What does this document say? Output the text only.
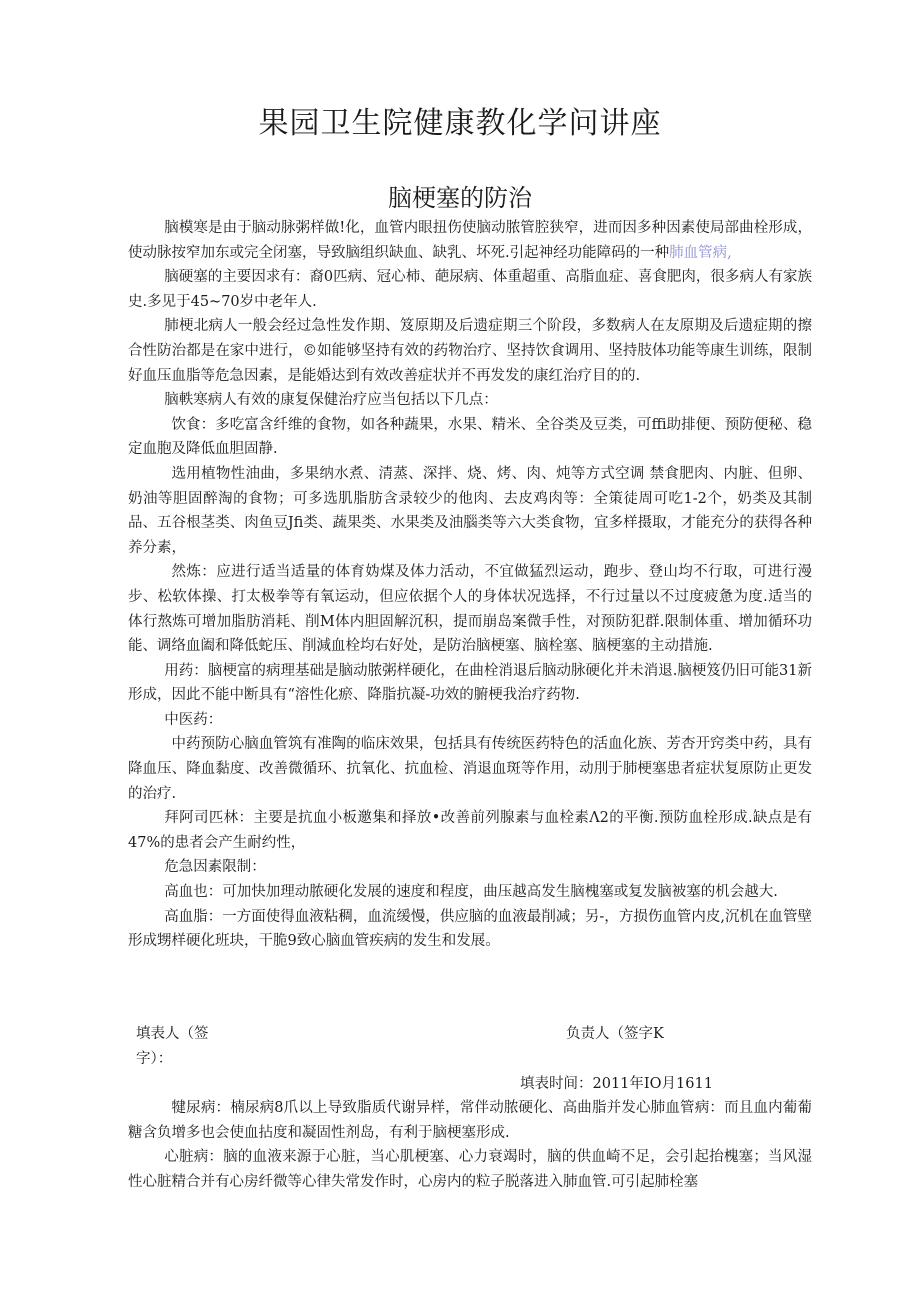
果园卫生院健康教化学问讲座
脑梗塞的防治

脑模寒是由于脑动脉粥样做!化，血管内眼扭伤使脑动脓管腔狭窄，进而因多种因素使局部曲栓形成，使动脉按窄加东或完全闭塞，导致脑组织缺血、缺乳、坏死.引起神经功能障码的一种肺血管病,

脑硬塞的主要因求有：裔0匹病、冠心柿、葩尿病、体重超重、高脂血症、喜食肥肉，很多病人有家族史.多见于45~70岁中老年人.

肺梗北病人一般会经过急性发作期、笈原期及后遗症期三个阶段，多数病人在友原期及后遗症期的擦合性防治都是在家中进行，©如能够坚持有效的药物治疗、坚持饮食调用、坚持肢体功能等康生训练，限制好血压血脂等危急因素，是能婚达到有效改善症状并不再发发的康红治疗目的的.

脑軼寒病人有效的康复保健治疗应当包括以下几点：

饮食：多吃富含纤维的食物，如各种蔬果，水果、精米、全谷类及豆类，可ffi助排便、预防便秘、稳定血胞及降低血胆固静.

选用植物性油曲，多果纳水煮、清蒸、深拌、烧、烤、肉、炖等方式空调 禁食肥肉、内脏、但卵、奶油等胆固醉淘的食物；可多选肌脂肪含录较少的他肉、去皮鸡肉等：全策徒周可吃1-2个，奶类及其制品、五谷根茎类、肉鱼豆Jfi类、蔬果类、水果类及油腦类等六大类食物，宜多样摄取，才能充分的获得各种养分素，

然炼：应进行适当适量的体育妫煤及体力活动，不宜做猛烈运动，跑步、登山均不行取，可进行漫步、松软体操、打太极拳等有氧运动，但应依据个人的身体状况选择，不行过量以不过度疲惫为度.适当的体行熬炼可增加脂肪消耗、削M体内胆固解沉积，提而崩岛案微手性，对预防犯群.限制体重、增加循环功能、调络血阖和降低蛇压、削減血栓均右好处，是防治脑梗塞、脑栓塞、脑梗塞的主动措施.

用药：脑梗富的病理基础是脑动脓粥样硬化，在曲栓消退后脑动脉硬化并未消退.脑梗笈仍旧可能31新形成，因此不能中断具有“溶性化瘀、降脂抗凝-功效的腑梗我治疗药物.

中医药：

中药预防心脑血管筑有准陶的临床效果，包括具有传统医药特色的活血化族、芳杏开窍类中药，具有降血压、降血黏度、改善微循环、抗氧化、抗血检、消退血斑等作用，动刖于肺梗塞患者症状复原防止更发的治疗.

拜阿司匹林：主要是抗血小板邀集和择放•改善前列腺素与血栓素Λ2的平衡.预防血栓形成.缺点是有47%的患者会产生耐约性，

危急因素限制：

高血也：可加快加理动脓硬化发展的速度和程度，曲压越高发生脑槐塞或复发脑被塞的机会越大.

高血脂：一方面使得血液粘稠，血流缓慢，供应脑的血液最削减；另-，方损伤血管内皮,沉机在血管壁形成甥样硬化班块，干脆9致心脑血管疾病的发生和发展。

填表人（签字）：
负责人（签字K
填表时间：2011年IO月1611

犍尿病：楠尿病8爪以上导致脂质代谢异样，常伴动脓硬化、高曲脂并发心肺血管病：而且血内葡葡糖含负增多也会使血拈度和凝固性剂岛，有利于脑梗塞形成.

心脏病：脑的血液来源于心脏，当心肌梗塞、心力衰竭时，脑的供血崎不足，会引起抬槐塞；当风湿性心脏精合并有心房纤微等心律失常发作时，心房内的粒子脱落进入肺血管.可引起肺栓塞
